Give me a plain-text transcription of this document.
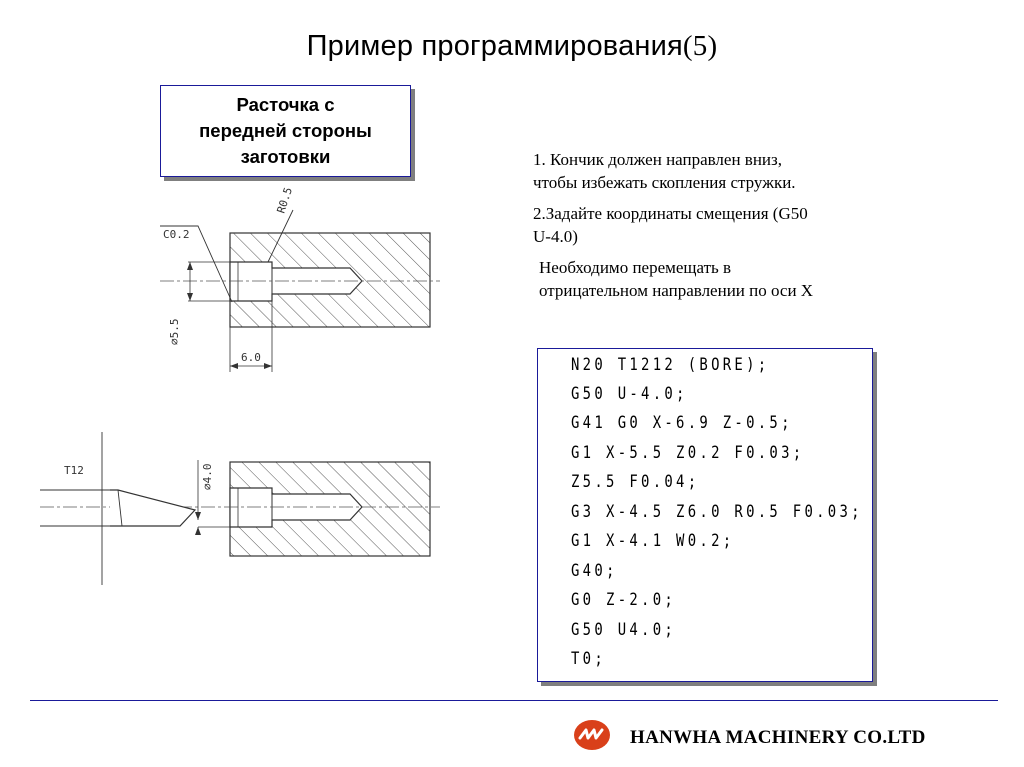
Пример программирования(5)
Расточка с
передней стороны
заготовки
C0.2
R0.5
⌀5.5
6.0
T12	⌀4.0

1. Кончик должен направлен вниз,
чтобы избежать скопления стружки.

2.Задайте координаты смещения (G50
U-4.0)

Необходимо перемещать в
отрицательном направлении по оси X

N20 T1212 (BORE);
G50 U-4.0;
G41 G0 X-6.9 Z-0.5;
G1 X-5.5 Z0.2 F0.03;
Z5.5 F0.04;
G3 X-4.5 Z6.0 R0.5 F0.03;
G1 X-4.1 W0.2;
G40;
G0 Z-2.0;
G50 U4.0;
T0;
HANWHA MACHINERY CO.LTD
